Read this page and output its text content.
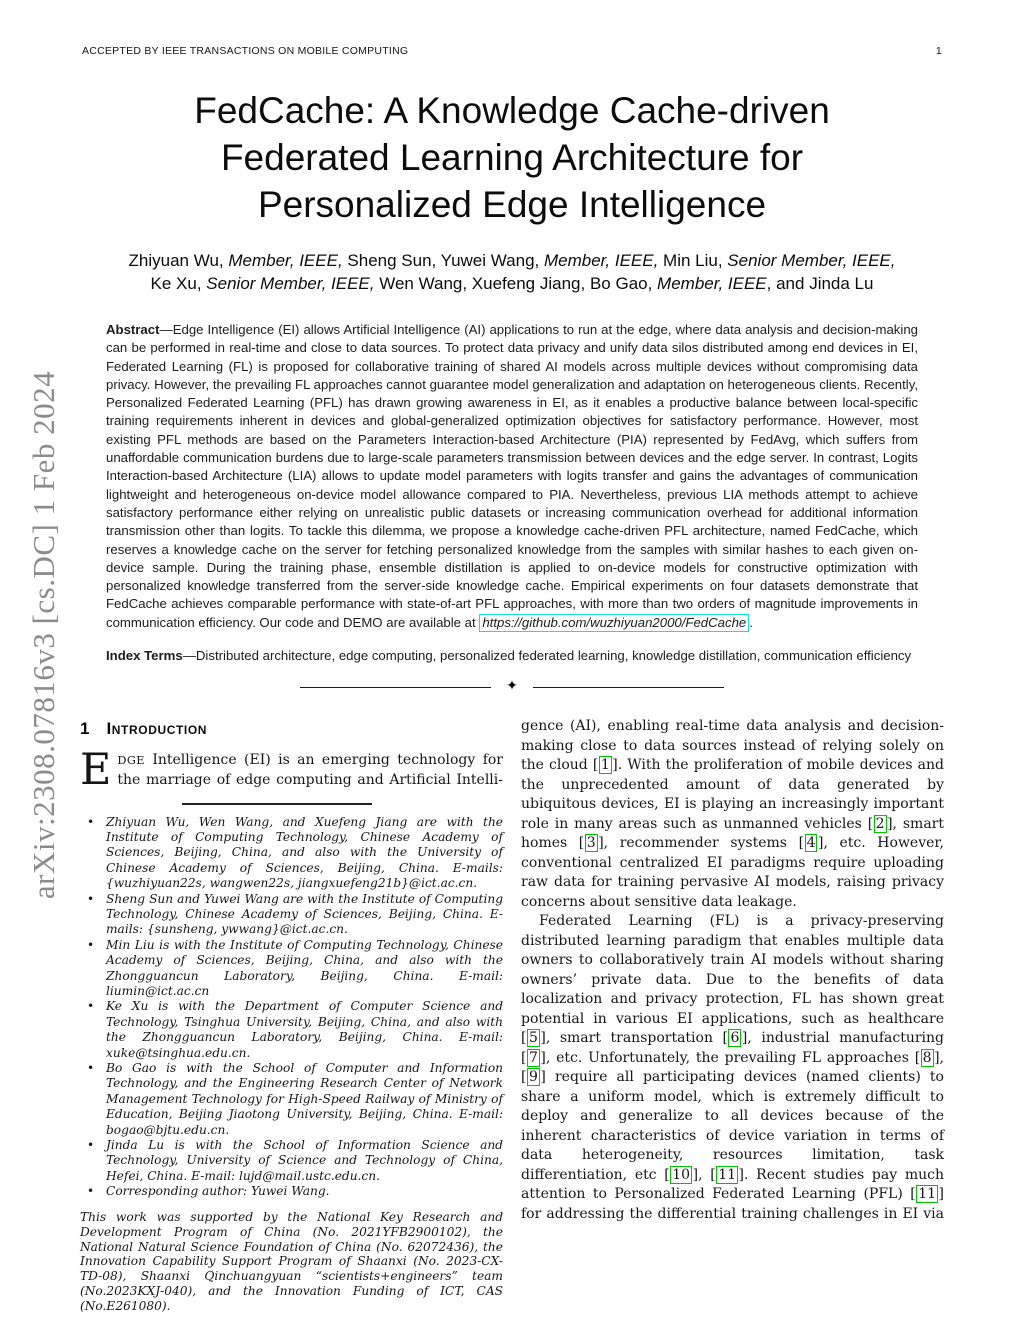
arXiv:2308.07816v3 [cs.DC] 1 Feb 2024
ACCEPTED BY IEEE TRANSACTIONS ON MOBILE COMPUTING	1
FedCache: A Knowledge Cache-driven
Federated Learning Architecture for
Personalized Edge Intelligence
Zhiyuan Wu, Member, IEEE, Sheng Sun, Yuwei Wang, Member, IEEE, Min Liu, Senior Member, IEEE,
Ke Xu, Senior Member, IEEE, Wen Wang, Xuefeng Jiang, Bo Gao, Member, IEEE, and Jinda Lu

Abstract—Edge Intelligence (EI) allows Artificial Intelligence (AI) applications to run at the edge, where data analysis and decision-making can be performed in real-time and close to data sources. To protect data privacy and unify data silos distributed among end devices in EI, Federated Learning (FL) is proposed for collaborative training of shared AI models across multiple devices without compromising data privacy. However, the prevailing FL approaches cannot guarantee model generalization and adaptation on heterogeneous clients. Recently, Personalized Federated Learning (PFL) has drawn growing awareness in EI, as it enables a productive balance between local-specific training requirements inherent in devices and global-generalized optimization objectives for satisfactory performance. However, most existing PFL methods are based on the Parameters Interaction-based Architecture (PIA) represented by FedAvg, which suffers from unaffordable communication burdens due to large-scale parameters transmission between devices and the edge server. In contrast, Logits Interaction-based Architecture (LIA) allows to update model parameters with logits transfer and gains the advantages of communication lightweight and heterogeneous on-device model allowance compared to PIA. Nevertheless, previous LIA methods attempt to achieve satisfactory performance either relying on unrealistic public datasets or increasing communication overhead for additional information transmission other than logits. To tackle this dilemma, we propose a knowledge cache-driven PFL architecture, named FedCache, which reserves a knowledge cache on the server for fetching personalized knowledge from the samples with similar hashes to each given on-device sample. During the training phase, ensemble distillation is applied to on-device models for constructive optimization with personalized knowledge transferred from the server-side knowledge cache. Empirical experiments on four datasets demonstrate that FedCache achieves comparable performance with state-of-art PFL approaches, with more than two orders of magnitude improvements in communication efficiency. Our code and DEMO are available at https://github.com/wuzhiyuan2000/FedCache .

Index Terms—Distributed architecture, edge computing, personalized federated learning, knowledge distillation, communication efficiency

✦
1 Introduction

EDGE Intelligence (EI) is an emerging technology for the marriage of edge computing and Artificial Intelli-

• Zhiyuan Wu, Wen Wang, and Xuefeng Jiang are with the Institute of Computing Technology, Chinese Academy of Sciences, Beijing, China, and also with the University of Chinese Academy of Sciences, Beijing, China. E-mails: {wuzhiyuan22s, wangwen22s, jiangxuefeng21b}@ict.ac.cn.
• Sheng Sun and Yuwei Wang are with the Institute of Computing Technology, Chinese Academy of Sciences, Beijing, China. E-mails: {sunsheng, ywwang}@ict.ac.cn.
• Min Liu is with the Institute of Computing Technology, Chinese Academy of Sciences, Beijing, China, and also with the Zhongguancun Laboratory, Beijing, China. E-mail: liumin@ict.ac.cn
• Ke Xu is with the Department of Computer Science and Technology, Tsinghua University, Beijing, China, and also with the Zhongguancun Laboratory, Beijing, China. E-mail: xuke@tsinghua.edu.cn.
• Bo Gao is with the School of Computer and Information Technology, and the Engineering Research Center of Network Management Technology for High-Speed Railway of Ministry of Education, Beijing Jiaotong University, Beijing, China. E-mail: bogao@bjtu.edu.cn.
• Jinda Lu is with the School of Information Science and Technology, University of Science and Technology of China, Hefei, China. E-mail: lujd@mail.ustc.edu.cn.
• Corresponding author: Yuwei Wang.

This work was supported by the National Key Research and Development Program of China (No. 2021YFB2900102), the National Natural Science Foundation of China (No. 62072436), the Innovation Capability Support Program of Shaanxi (No. 2023-CX-TD-08), Shaanxi Qinchuangyuan “scientists+engineers” team (No.2023KXJ-040), and the Innovation Funding of ICT, CAS (No.E261080).

gence (AI), enabling real-time data analysis and decision-making close to data sources instead of relying solely on the cloud [ 1 ]. With the proliferation of mobile devices and the unprecedented amount of data generated by ubiquitous devices, EI is playing an increasingly important role in many areas such as unmanned vehicles [ 2 ], smart homes [ 3 ], recommender systems [ 4 ], etc. However, conventional centralized EI paradigms require uploading raw data for training pervasive AI models, raising privacy concerns about sensitive data leakage.

Federated Learning (FL) is a privacy-preserving distributed learning paradigm that enables multiple data owners to collaboratively train AI models without sharing owners’ private data. Due to the benefits of data localization and privacy protection, FL has shown great potential in various EI applications, such as healthcare [ 5 ], smart transportation [ 6 ], industrial manufacturing [ 7 ], etc. Unfortunately, the prevailing FL approaches [ 8 ], [ 9 ] require all participating devices (named clients) to share a uniform model, which is extremely difficult to deploy and generalize to all devices because of the inherent characteristics of device variation in terms of data heterogeneity, resources limitation, task differentiation, etc [ 10 ], [ 11 ]. Recent studies pay much attention to Personalized Federated Learning (PFL) [ 11 ] for addressing the differential training challenges in EI via
